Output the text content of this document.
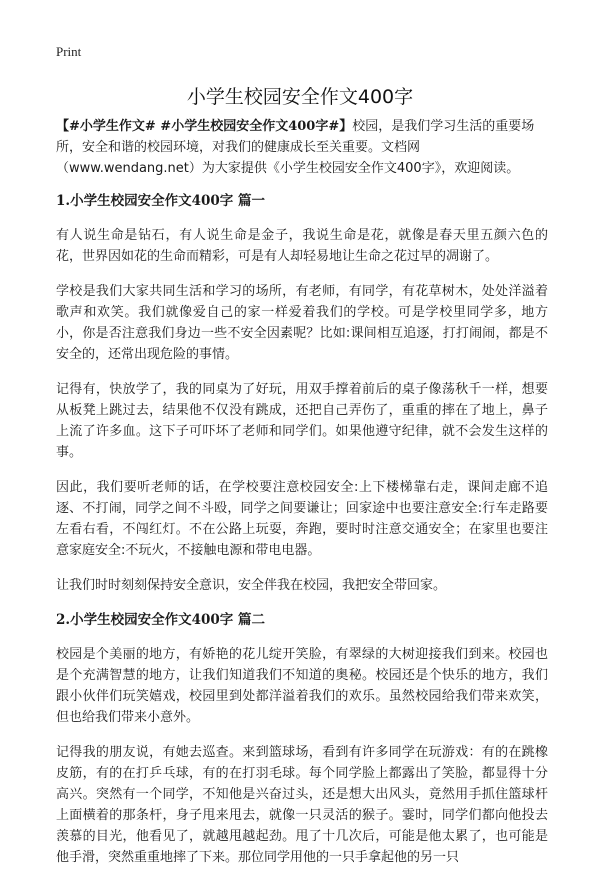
Print
小学生校园安全作文400字

【#小学生作文# #小学生校园安全作文400字#】校园，是我们学习生活的重要场所，安全和谐的校园环境，对我们的健康成长至关重要。文档网（www.wendang.net）为大家提供《小学生校园安全作文400字》，欢迎阅读。

1.小学生校园安全作文400字 篇一

有人说生命是钻石，有人说生命是金子，我说生命是花，就像是春天里五颜六色的花，世界因如花的生命而精彩，可是有人却轻易地让生命之花过早的凋谢了。

学校是我们大家共同生活和学习的场所，有老师，有同学，有花草树木，处处洋溢着歌声和欢笑。我们就像爱自己的家一样爱着我们的学校。可是学校里同学多，地方小，你是否注意我们身边一些不安全因素呢？比如:课间相互追逐，打打闹闹，都是不安全的，还常出现危险的事情。

记得有，快放学了，我的同桌为了好玩，用双手撑着前后的桌子像荡秋千一样，想要从板凳上跳过去，结果他不仅没有跳成，还把自己弄伤了，重重的摔在了地上，鼻子上流了许多血。这下子可吓坏了老师和同学们。如果他遵守纪律，就不会发生这样的事。

因此，我们要听老师的话，在学校要注意校园安全:上下楼梯靠右走，课间走廊不追逐、不打闹，同学之间不斗殴，同学之间要谦让；回家途中也要注意安全:行车走路要左看右看，不闯红灯。不在公路上玩耍，奔跑，要时时注意交通安全；在家里也要注意家庭安全:不玩火，不接触电源和带电电器。

让我们时时刻刻保持安全意识，安全伴我在校园，我把安全带回家。

2.小学生校园安全作文400字 篇二

校园是个美丽的地方，有娇艳的花儿绽开笑脸，有翠绿的大树迎接我们到来。校园也是个充满智慧的地方，让我们知道我们不知道的奥秘。校园还是个快乐的地方，我们跟小伙伴们玩笑嬉戏，校园里到处都洋溢着我们的欢乐。虽然校园给我们带来欢笑，但也给我们带来小意外。

记得我的朋友说，有她去巡查。来到篮球场，看到有许多同学在玩游戏：有的在跳橡皮筋，有的在打乒乓球，有的在打羽毛球。每个同学脸上都露出了笑脸，都显得十分高兴。突然有一个同学，不知他是兴奋过头，还是想大出风头，竟然用手抓住篮球杆上面横着的那条杆，身子甩来甩去，就像一只灵活的猴子。霎时，同学们都向他投去羡慕的目光，他看见了，就越甩越起劲。甩了十几次后，可能是他太累了，也可能是他手滑，突然重重地摔了下来。那位同学用他的一只手拿起他的另一只
